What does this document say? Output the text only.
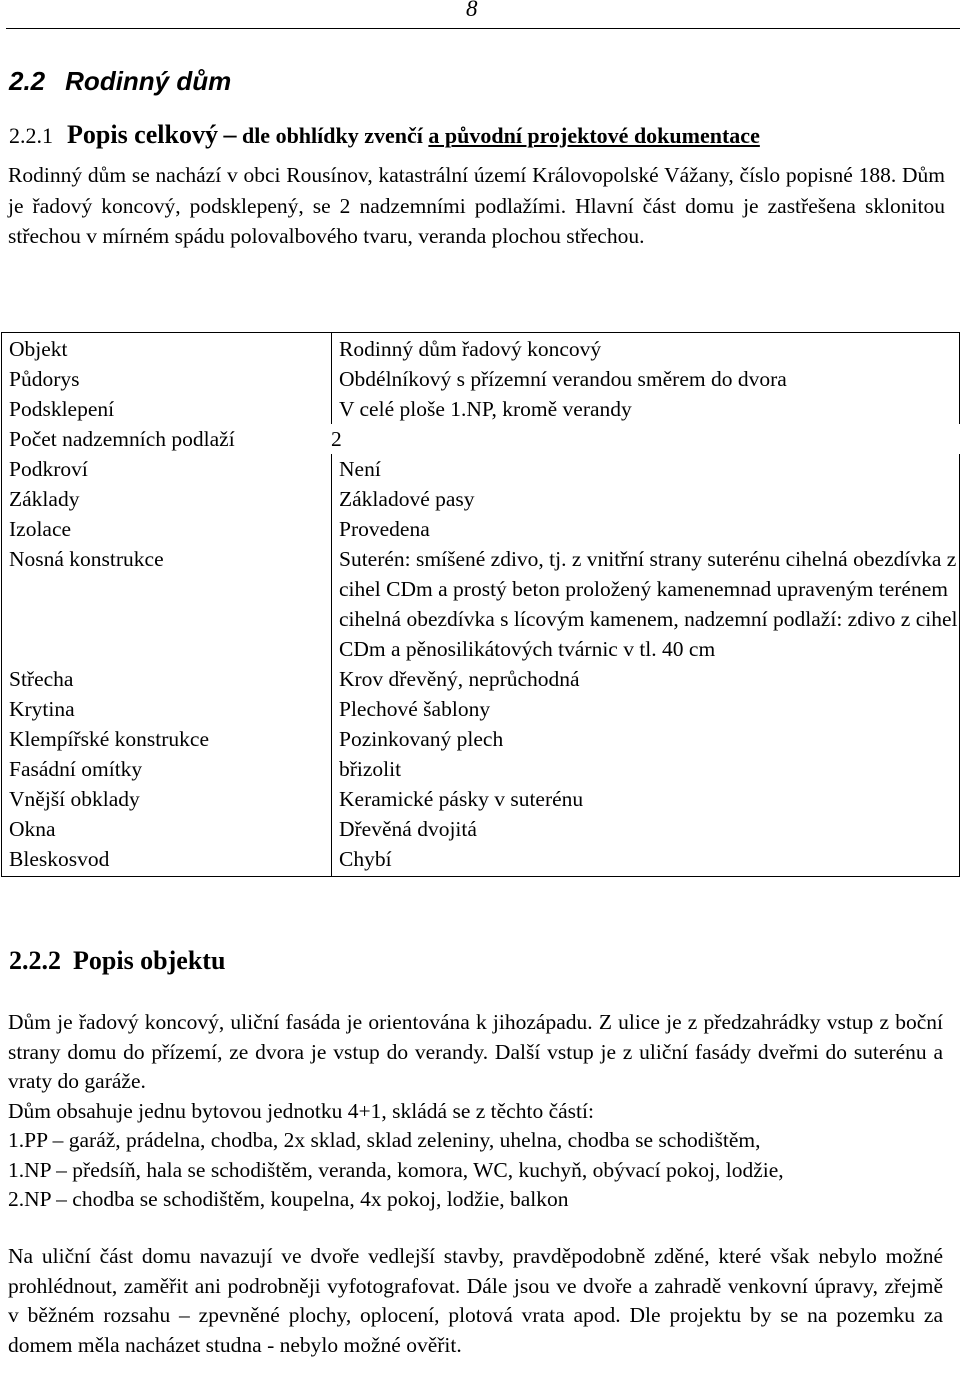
8
2.2 Rodinný dům
2.2.1 Popis celkový – dle obhlídky zvenčí a původní projektové dokumentace
Rodinný dům se nachází v obci Rousínov, katastrální území Královopolské Vážany, číslo popisné 188. Dům je řadový koncový, podsklepený, se 2 nadzemními podlažími. Hlavní část domu je zastřešena sklonitou střechou v mírném spádu polovalbového tvaru, veranda plochou střechou.
Objekt	Rodinný dům řadový koncový
Půdorys	Obdélníkový s přízemní verandou směrem do dvora
Podsklepení	V celé ploše 1.NP, kromě verandy
Počet nadzemních podlaží 2	
Podkroví	Není
Základy	Základové pasy
Izolace	Provedena
Nosná konstrukce	Suterén: smíšené zdivo, tj. z vnitřní strany suterénu cihelná obezdívka z cihel CDm a prostý beton proložený kamenemnad upraveným terénem cihelná obezdívka s lícovým kamenem, nadzemní podlaží: zdivo z cihel CDm a pěnosilikátových tvárnic v tl. 40 cm
Střecha	Krov dřevěný, neprůchodná
Krytina	Plechové šablony
Klempířské konstrukce	Pozinkovaný plech
Fasádní omítky	břizolit
Vnější obklady	Keramické pásky v suterénu
Okna	Dřevěná dvojitá
Bleskosvod	Chybí
2.2.2 Popis objektu

Dům je řadový koncový, uliční fasáda je orientována k jihozápadu. Z ulice je z předzahrádky vstup z boční strany domu do přízemí, ze dvora je vstup do verandy. Další vstup je z uliční fasády dveřmi do suterénu a vraty do garáže.

Dům obsahuje jednu bytovou jednotku 4+1, skládá se z těchto částí:

1.PP – garáž, prádelna, chodba, 2x sklad, sklad zeleniny, uhelna, chodba se schodištěm,

1.NP – předsíň, hala se schodištěm, veranda, komora, WC, kuchyň, obývací pokoj, lodžie,

2.NP – chodba se schodištěm, koupelna, 4x pokoj, lodžie, balkon

Na uliční část domu navazují ve dvoře vedlejší stavby, pravděpodobně zděné, které však nebylo možné prohlédnout, zaměřit ani podrobněji vyfotografovat. Dále jsou ve dvoře a zahradě venkovní úpravy, zřejmě v běžném rozsahu – zpevněné plochy, oplocení, plotová vrata apod. Dle projektu by se na pozemku za domem měla nacházet studna - nebylo možné ověřit.
